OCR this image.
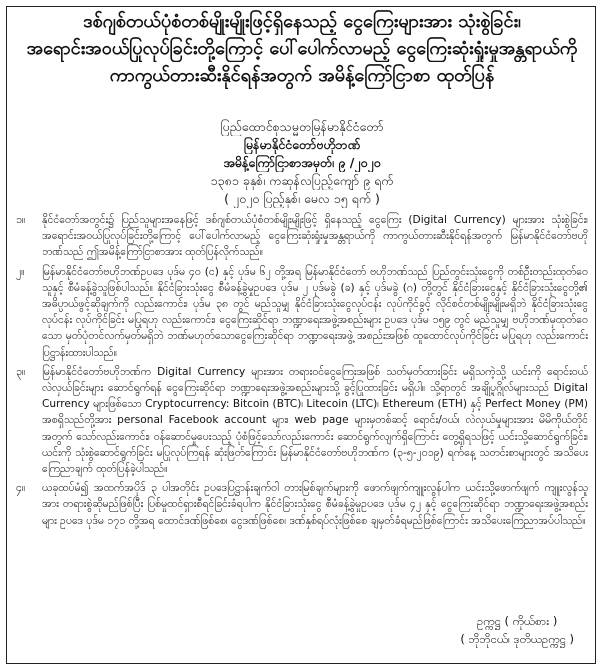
ဒစ်ဂျစ်တယ်ပုံစံတစ်မျိုးမျိုးဖြင့်ရှိနေသည့် ငွေကြေးများအား သုံးစွဲခြင်း၊
အရောင်းအဝယ်ပြုလုပ်ခြင်းတို့ကြောင့် ပေါ်ပေါက်လာမည့် ငွေကြေးဆုံးရှုံးမှုအန္တရာယ်ကို
ကာကွယ်တားဆီးနိုင်ရန်အတွက် အမိန့်ကြော်ငြာစာ ထုတ်ပြန်
ပြည်ထောင်စုသမ္မတမြန်မာနိုင်ငံတော်
မြန်မာနိုင်ငံတော်ဗဟိုဘဏ်
အမိန့်ကြော်ငြာစာအမှတ်၊ ၉ /၂၀၂၀
၁၃၈၁ ခုနှစ်၊ ကဆုန်လပြည့်ကျော် ၉ ရက်
( ၂၀၂၀ ပြည့်နှစ်၊ မေလ ၁၅ ရက် )
၁။ နိုင်ငံတော်အတွင်း၌ ပြည်သူများအနေဖြင့် ဒစ်ဂျစ်တယ်ပုံစံတစ်မျိုးမျိုးဖြင့် ရှိနေသည့် ငွေကြေး (Digital Currency) များအား သုံးစွဲခြင်း၊ အရောင်းအဝယ်ပြုလုပ်ခြင်းတို့ကြောင့် ပေါ်ပေါက်လာမည့် ငွေကြေးဆုံးရှုံးမှုအန္တရာယ်ကို ကာကွယ်တားဆီးနိုင်ရန်အတွက် မြန်မာနိုင်ငံတော်ဗဟိုဘဏ်သည် ဤအမိန့်ကြော်ငြာစာအား ထုတ်ပြန်လိုက်သည်။
၂။ မြန်မာနိုင်ငံတော်ဗဟိုဘဏ်ဥပဒေ ပုဒ်မ ၄၀ (င) နှင့် ပုဒ်မ ၆၂ တို့အရ မြန်မာနိုင်ငံတော် ဗဟိုဘဏ်သည် ပြည်တွင်းသုံးငွေကို တစ်ဦးတည်းထုတ်ဝေသူနှင့် စီမံခန့်ခွဲသူဖြစ်ပါသည်။ နိုင်ငံခြားသုံးငွေ စီမံခန့်ခွဲမှုဥပဒေ ပုဒ်မ ၂ ပုဒ်မခွဲ (ခ) နှင့် ပုဒ်မခွဲ (ဂ) တို့တွင် နိုင်ငံခြားငွေနှင့် နိုင်ငံခြားသုံးငွေတို့၏ အဓိပ္ပာယ်ဖွင့်ဆိုချက်ကို လည်းကောင်း၊ ပုဒ်မ ၃၈ တွင် မည်သူမျှ နိုင်ငံခြားသုံးငွေလုပ်ငန်း လုပ်ကိုင်ခွင့် လိုင်စင်တစ်မျိုးမျိုးမရှိဘဲ နိုင်ငံခြားသုံးငွေလုပ်ငန်း လုပ်ကိုင်ခြင်း မပြုရဟု လည်းကောင်း၊ ငွေကြေးဆိုင်ရာ ဘဏ္ဍာရေးအဖွဲ့အစည်းများ ဥပဒေ ပုဒ်မ ၁၅၉ တွင် မည်သူမျှ ဗဟိုဘဏ်မှထုတ်ဝေသော မှတ်ပုံတင်လက်မှတ်မရှိဘဲ ဘဏ်မဟုတ်သောငွေကြေးဆိုင်ရာ ဘဏ္ဍာရေးအဖွဲ့ အစည်းအဖြစ် ထူထောင်လုပ်ကိုင်ခြင်း မပြုရဟု လည်းကောင်း ပြဋ္ဌာန်းထားပါသည်။
၃။ မြန်မာနိုင်ငံတော်ဗဟိုဘဏ်က Digital Currency များအား တရားဝင်ငွေကြေးအဖြစ် သတ်မှတ်ထားခြင်း မရှိသကဲ့သို့ ယင်းကို ရောင်းဝယ်လဲလှယ်ခြင်းများ ဆောင်ရွက်ရန် ငွေကြေးဆိုင်ရာ ဘဏ္ဍာရေးအဖွဲ့အစည်းများသို့ ခွင့်ပြုထားခြင်း မရှိပါ။ သို့ရာတွင် အချို့ပုဂ္ဂိုလ်များသည် Digital Currency များဖြစ်သော Cryptocurrency: Bitcoin (BTC)၊ Litecoin (LTC)၊ Ethereum (ETH) နှင့် Perfect Money (PM) အစရှိသည်တို့အား personal Facebook account များ၊ web page များမှတစ်ဆင့် ရောင်း/ဝယ်၊ လဲလှယ်မှုများအား မိမိကိုယ်တိုင်အတွက် သော်လည်းကောင်း၊ ဝန်ဆောင်မှုပေးသည့် ပုံစံဖြင့်သော်လည်းကောင်း ဆောင်ရွက်လျက်ရှိကြောင်း တွေ့ရှိရသဖြင့် ယင်းသို့ဆောင်ရွက်ခြင်း၊ ယင်းကို သုံးစွဲဆောင်ရွက်ခြင်း မပြုလုပ်ကြရန် ဆုံးဖြတ်ကြောင်း မြန်မာနိုင်ငံတော်ဗဟိုဘဏ်က (၃-၅-၂၀၁၉) ရက်နေ့ သတင်းစာများတွင် အသိပေး ကြေညာချက် ထုတ်ပြန်ခဲ့ပါသည်။
၄။ ယခုထပ်မံ၍ အထက်အပိုဒ် ၃ ပါအတိုင်း ဥပဒေပြဋ္ဌာန်းချက်ဝါ တားမြစ်ချက်များကို ဖောက်ဖျက်ကျူးလွန်ပါက ယင်းသို့ဖောက်ဖျက် ကျူးလွန်သူအား တရားစွဲဆိုမည်ဖြစ်ပြီး ပြစ်မှုထင်ရှားစီရင်ခြင်းခံရပါက နိုင်ငံခြားသုံးငွေ စီမံခန့်ခွဲမှုဥပဒေ ပုဒ်မ ၄၂ နှင့် ငွေကြေးဆိုင်ရာ ဘဏ္ဍာရေးအဖွဲ့အစည်းများ ဥပဒေ ပုဒ်မ ၁၇၁ တို့အရ ထောင်ဒဏ်ဖြစ်စေ၊ ငွေဒဏ်ဖြစ်စေ၊ ဒဏ်နှစ်ရပ်လုံးဖြစ်စေ ချမှတ်ခံရမည်ဖြစ်ကြောင်း အသိပေးကြေညာအပ်ပါသည်။
ဥက္ကဋ္ဌ ( ကိုယ်စား )
( ဘိုဘိုငယ်၊ ဒုတိယဥက္ကဋ္ဌ )
